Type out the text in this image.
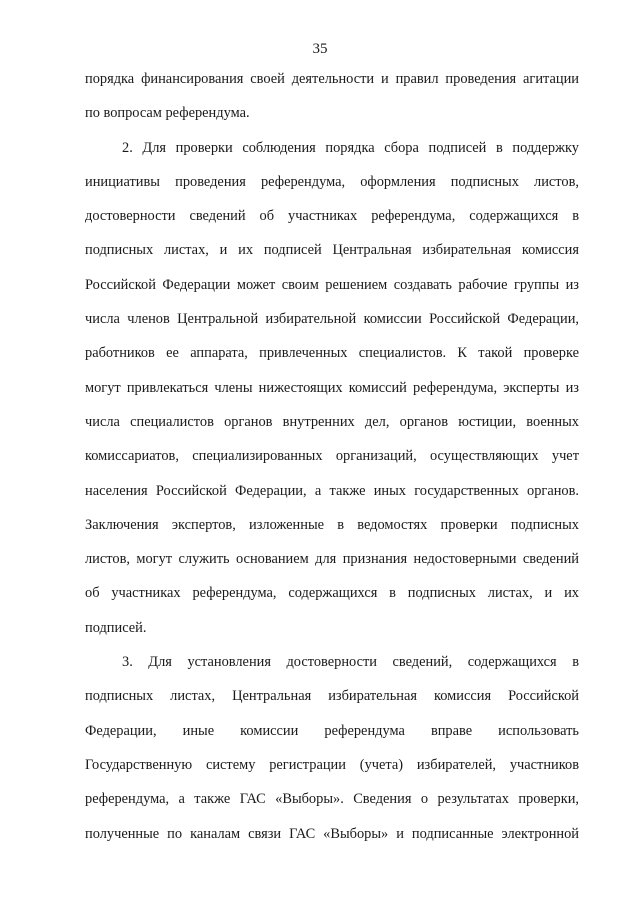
35
порядка финансирования своей деятельности и правил проведения агитации
по вопросам референдума.
2. Для проверки соблюдения порядка сбора подписей в поддержку
инициативы проведения референдума, оформления подписных листов,
достоверности сведений об участниках референдума, содержащихся в
подписных листах, и их подписей Центральная избирательная комиссия
Российской Федерации может своим решением создавать рабочие группы из
числа членов Центральной избирательной комиссии Российской Федерации,
работников ее аппарата, привлеченных специалистов. К такой проверке
могут привлекаться члены нижестоящих комиссий референдума, эксперты из
числа специалистов органов внутренних дел, органов юстиции, военных
комиссариатов, специализированных организаций, осуществляющих учет
населения Российской Федерации, а также иных государственных органов.
Заключения экспертов, изложенные в ведомостях проверки подписных
листов, могут служить основанием для признания недостоверными сведений
об участниках референдума, содержащихся в подписных листах, и их
подписей.
3. Для установления достоверности сведений, содержащихся в
подписных листах, Центральная избирательная комиссия Российской
Федерации, иные комиссии референдума вправе использовать
Государственную систему регистрации (учета) избирателей, участников
референдума, а также ГАС «Выборы». Сведения о результатах проверки,
полученные по каналам связи ГАС «Выборы» и подписанные электронной
